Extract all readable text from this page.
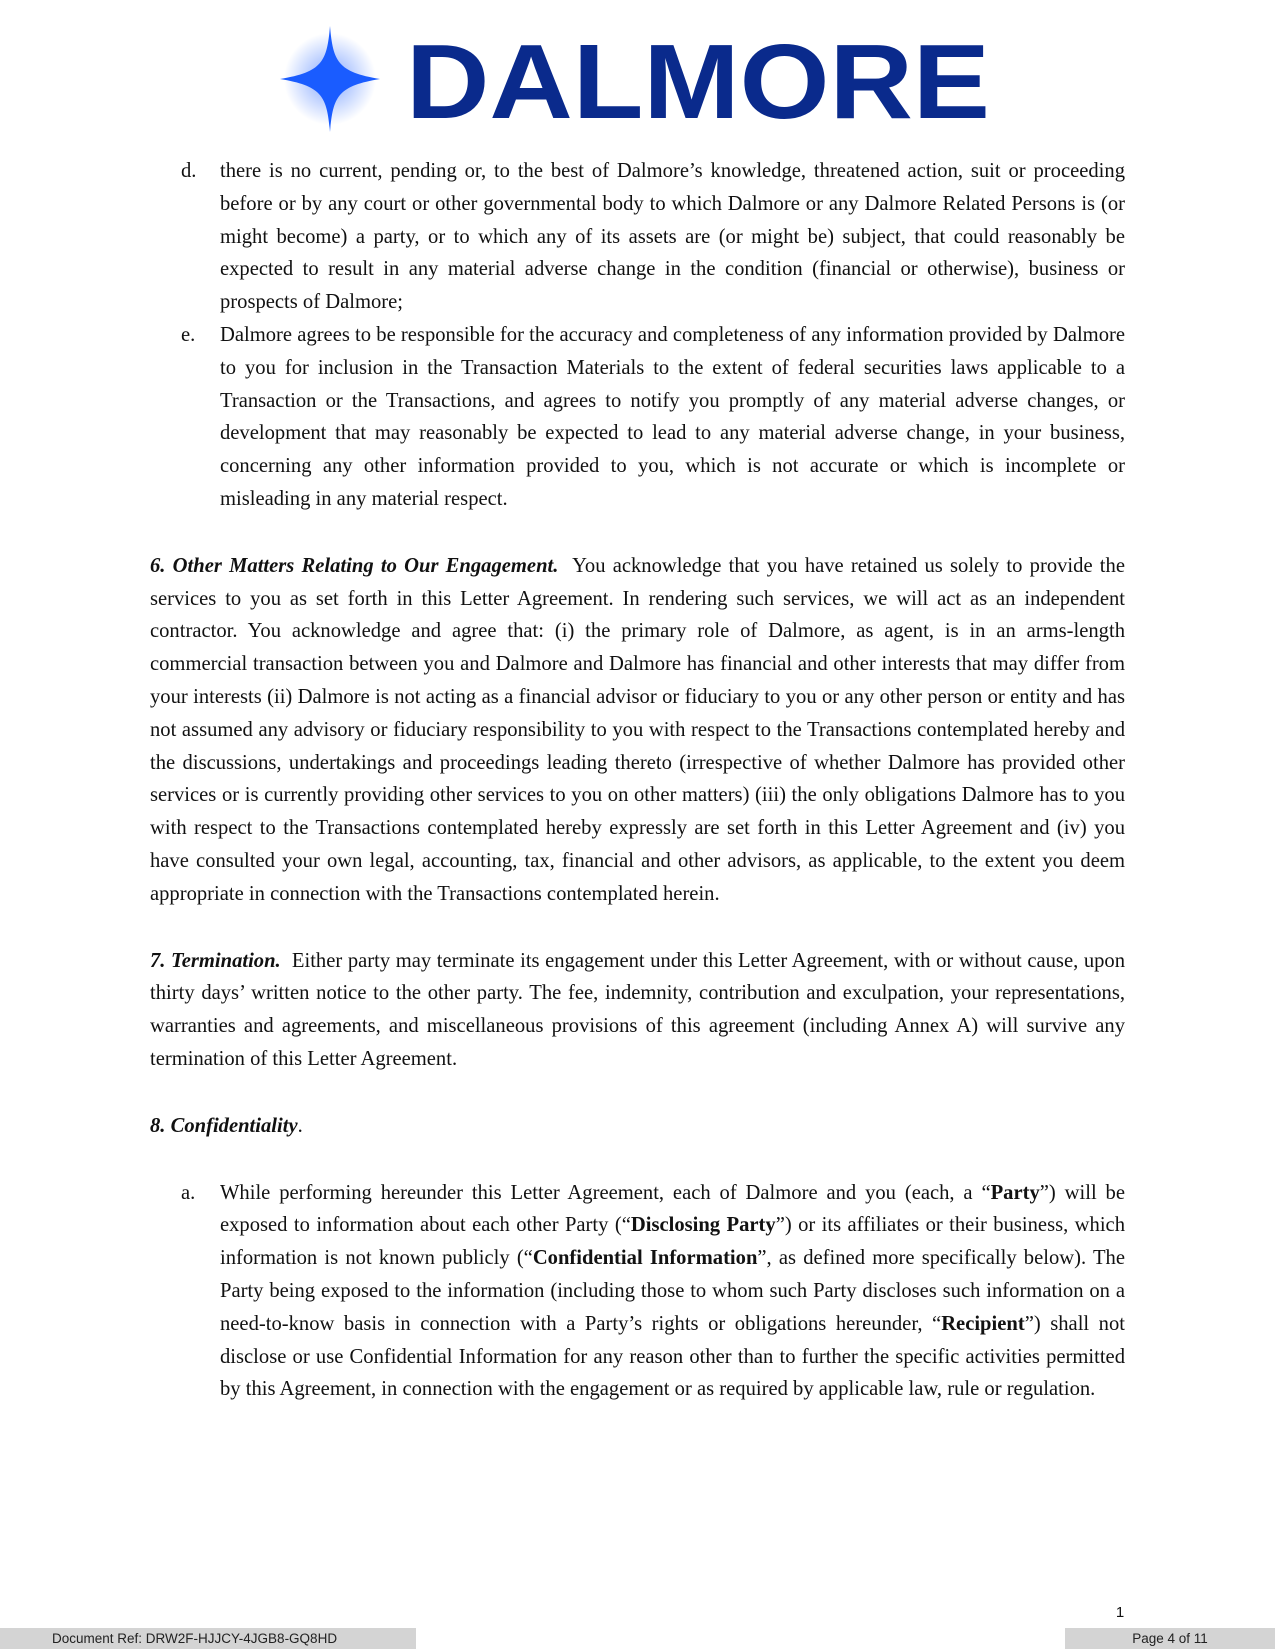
DALMORE
d. there is no current, pending or, to the best of Dalmore’s knowledge, threatened action, suit or proceeding before or by any court or other governmental body to which Dalmore or any Dalmore Related Persons is (or might become) a party, or to which any of its assets are (or might be) subject, that could reasonably be expected to result in any material adverse change in the condition (financial or otherwise), business or prospects of Dalmore;
e. Dalmore agrees to be responsible for the accuracy and completeness of any information provided by Dalmore to you for inclusion in the Transaction Materials to the extent of federal securities laws applicable to a Transaction or the Transactions, and agrees to notify you promptly of any material adverse changes, or development that may reasonably be expected to lead to any material adverse change, in your business, concerning any other information provided to you, which is not accurate or which is incomplete or misleading in any material respect.

6. Other Matters Relating to Our Engagement. You acknowledge that you have retained us solely to provide the services to you as set forth in this Letter Agreement. In rendering such services, we will act as an independent contractor. You acknowledge and agree that: (i) the primary role of Dalmore, as agent, is in an arms-length commercial transaction between you and Dalmore and Dalmore has financial and other interests that may differ from your interests (ii) Dalmore is not acting as a financial advisor or fiduciary to you or any other person or entity and has not assumed any advisory or fiduciary responsibility to you with respect to the Transactions contemplated hereby and the discussions, undertakings and proceedings leading thereto (irrespective of whether Dalmore has provided other services or is currently providing other services to you on other matters) (iii) the only obligations Dalmore has to you with respect to the Transactions contemplated hereby expressly are set forth in this Letter Agreement and (iv) you have consulted your own legal, accounting, tax, financial and other advisors, as applicable, to the extent you deem appropriate in connection with the Transactions contemplated herein.

7. Termination. Either party may terminate its engagement under this Letter Agreement, with or without cause, upon thirty days’ written notice to the other party. The fee, indemnity, contribution and exculpation, your representations, warranties and agreements, and miscellaneous provisions of this agreement (including Annex A) will survive any termination of this Letter Agreement.

8. Confidentiality.

a. While performing hereunder this Letter Agreement, each of Dalmore and you (each, a “Party”) will be exposed to information about each other Party (“Disclosing Party”) or its affiliates or their business, which information is not known publicly (“Confidential Information”, as defined more specifically below). The Party being exposed to the information (including those to whom such Party discloses such information on a need-to-know basis in connection with a Party’s rights or obligations hereunder, “Recipient”) shall not disclose or use Confidential Information for any reason other than to further the specific activities permitted by this Agreement, in connection with the engagement or as required by applicable law, rule or regulation.
1
Document Ref: DRW2F-HJJCY-4JGB8-GQ8HD	Page 4 of 11
